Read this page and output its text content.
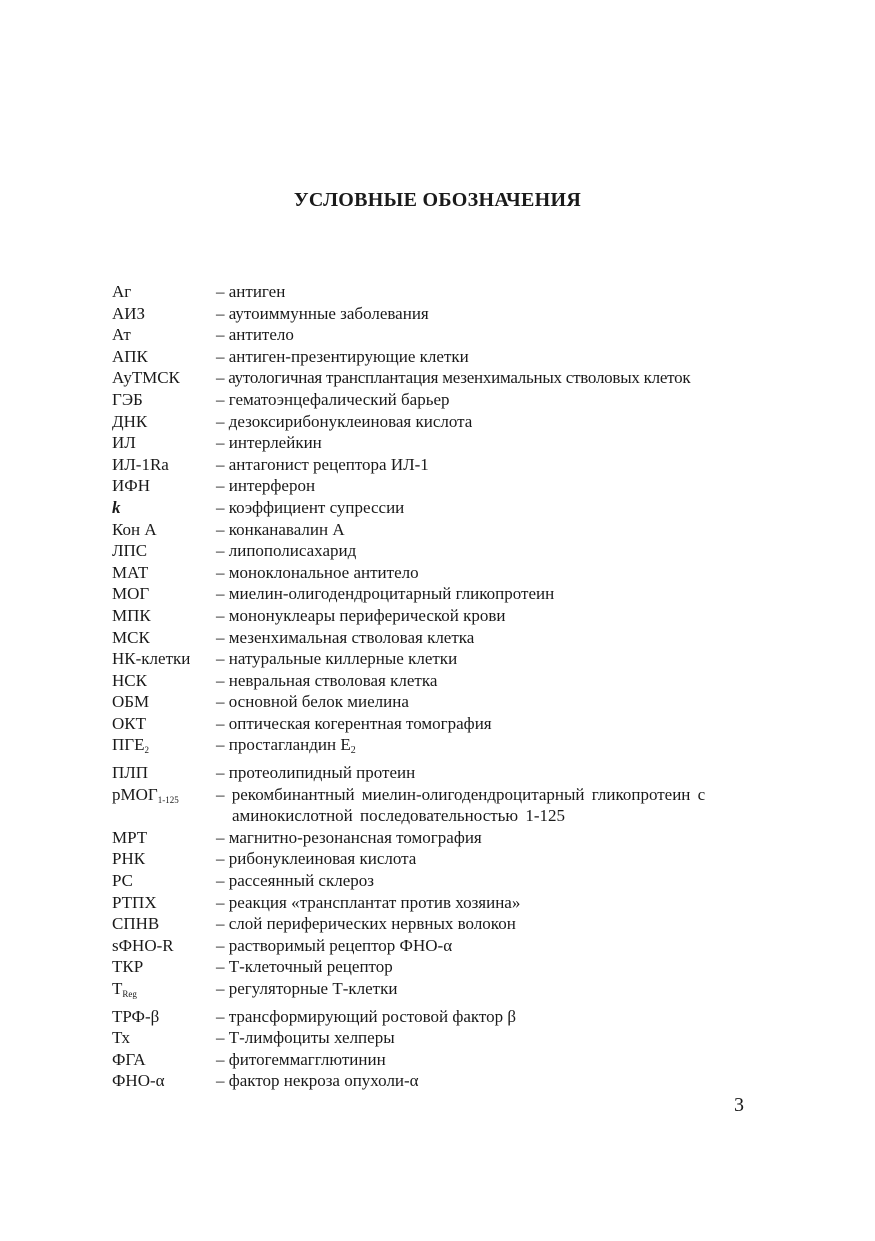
УСЛОВНЫЕ ОБОЗНАЧЕНИЯ
Аг	– антиген
АИЗ	– аутоиммунные заболевания
Ат	– антитело
АПК	– антиген-презентирующие клетки
АуТМСК	– аутологичная трансплантация мезенхимальных стволовых клеток
ГЭБ	– гематоэнцефалический барьер
ДНК	– дезоксирибонуклеиновая кислота
ИЛ	– интерлейкин
ИЛ-1Ra	– антагонист рецептора ИЛ-1
ИФН	– интерферон
k	– коэффициент супрессии
Кон А	– конканавалин А
ЛПС	– липополисахарид
МАТ	– моноклональное антитело
МОГ	– миелин-олигодендроцитарный гликопротеин
МПК	– мононуклеары периферической крови
МСК	– мезенхимальная стволовая клетка
НК-клетки	– натуральные киллерные клетки
НСК	– невральная стволовая клетка
ОБМ	– основной белок миелина
ОКТ	– оптическая когерентная томография
$ПГЕ_2$	– простагландин $Е_2$
ПЛП	– протеолипидный протеин
рМОГ$_{1-125}$	– рекомбинантный миелин-олигодендроцитарный гликопротеин с аминокислотной последовательностью 1-125
МРТ	– магнитно-резонансная томография
РНК	– рибонуклеиновая кислота
РС	– рассеянный склероз
РТПХ	– реакция «трансплантат против хозяина»
СПНВ	– слой периферических нервных волокон
sФНО-R	– растворимый рецептор ФНО-α
ТКР	– Т-клеточный рецептор
$Т_{Reg}$	– регуляторные Т-клетки
ТРФ-β	– трансформирующий ростовой фактор β
Тх	– Т-лимфоциты хелперы
ФГА	– фитогеммагглютинин
ФНО-α	– фактор некроза опухоли-α
3
